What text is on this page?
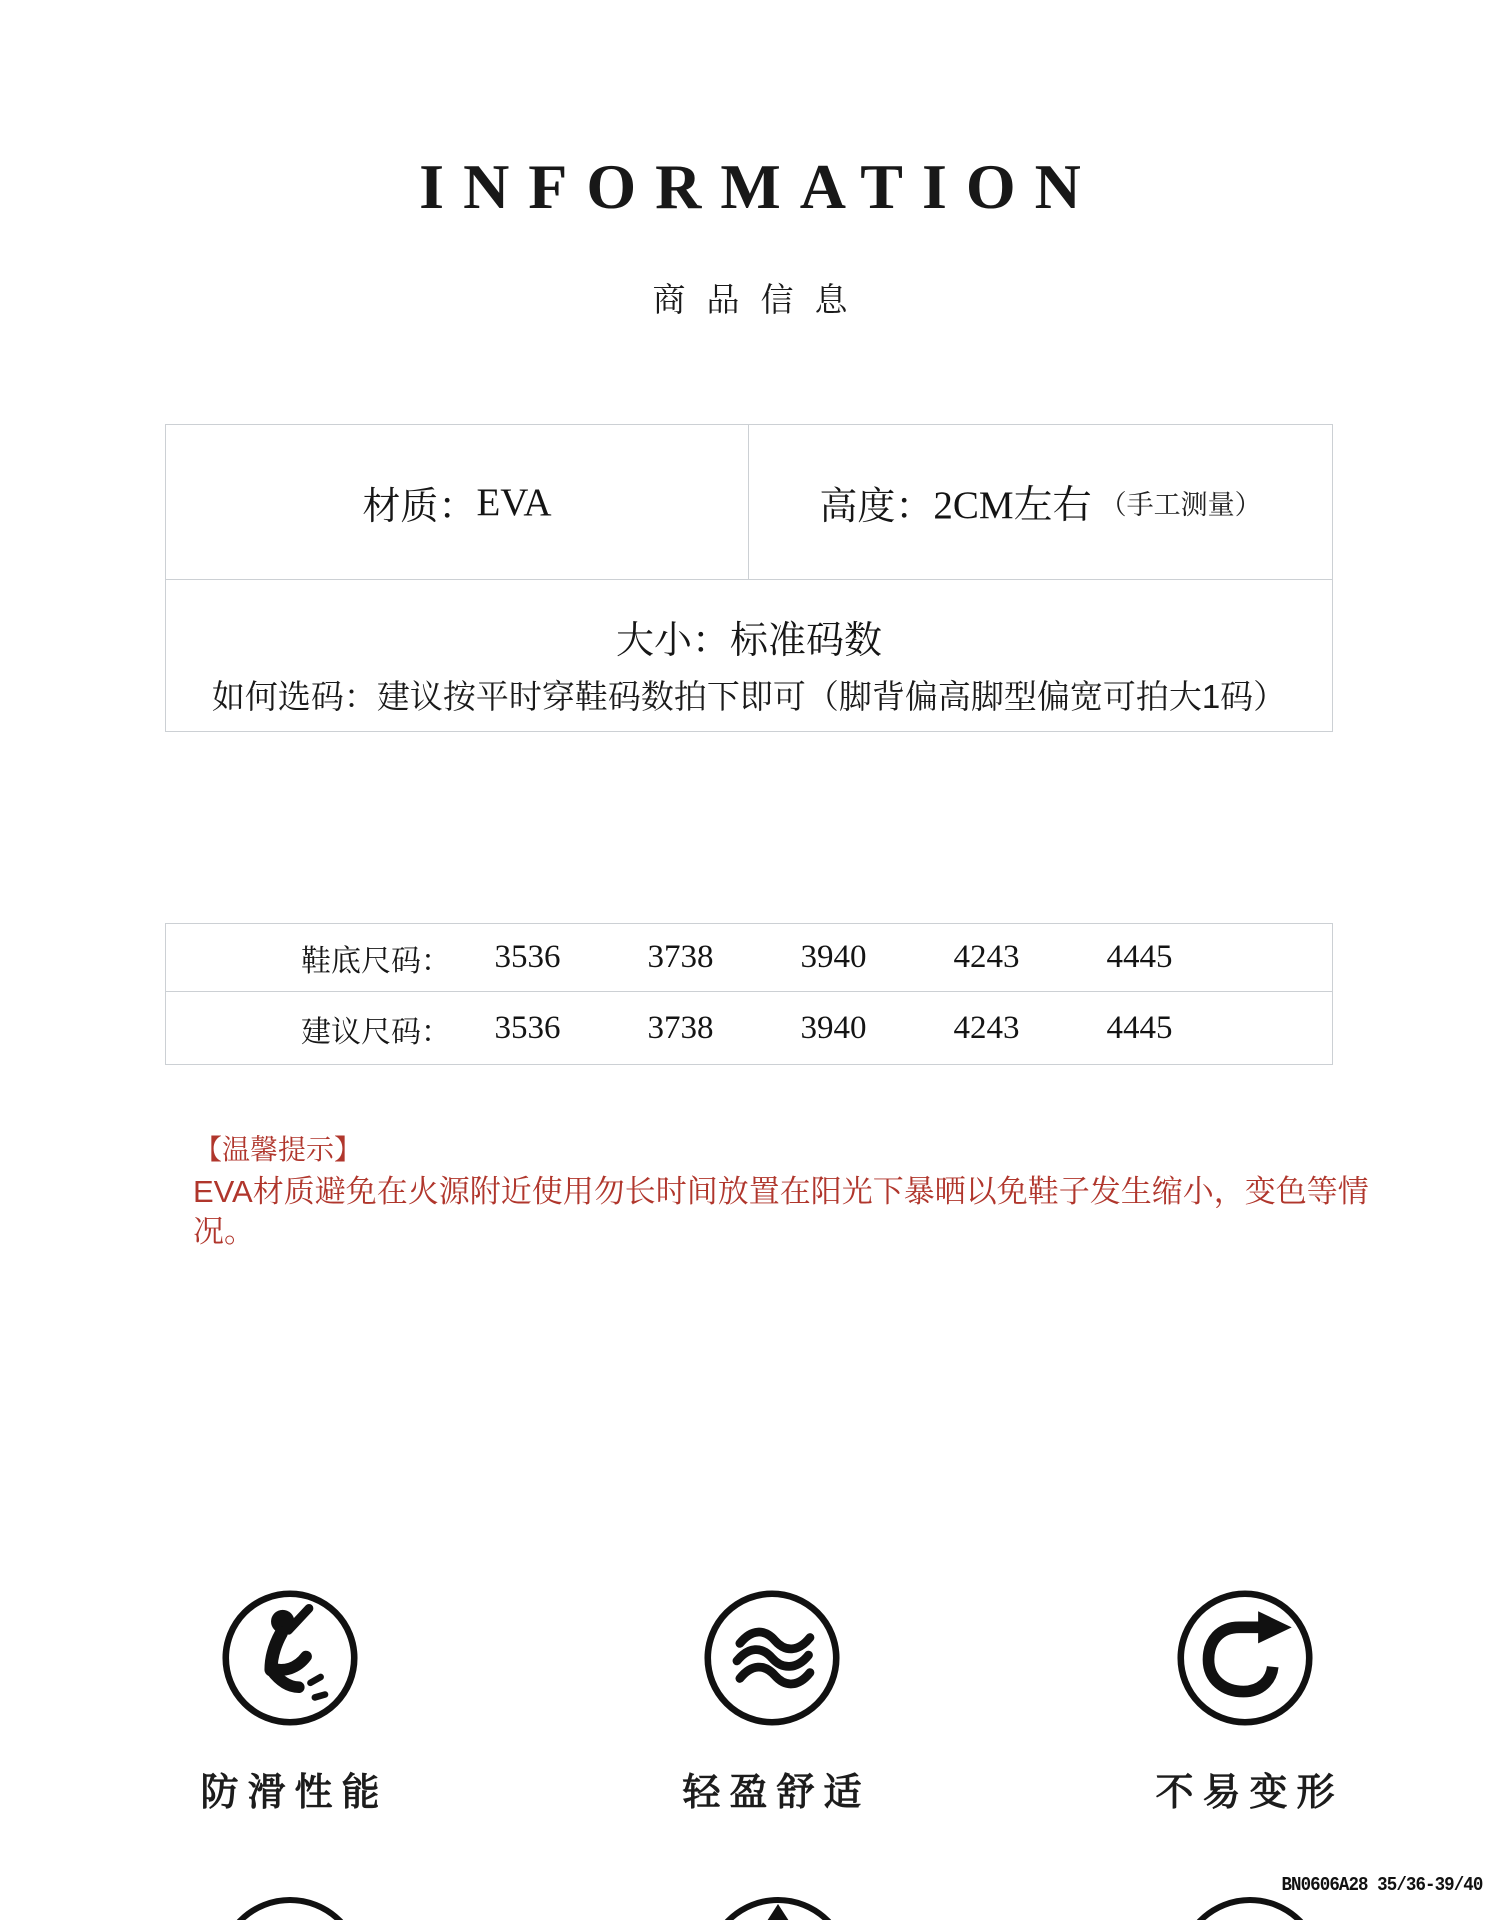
INFORMATION
商品信息
材质： EVA	高度： 2CM左右 （手工测量）
大小：标准码数
如何选码：建议按平时穿鞋码数拍下即可（脚背偏高脚型偏宽可拍大1码）
鞋底尺码：	3536	3738	3940	4243	4445
建议尺码：	3536	3738	3940	4243	4445
【温馨提示】
EVA材质避免在火源附近使用勿长时间放置在阳光下暴晒以免鞋子发生缩小，变色等情况。
防滑性能	轻盈舒适	不易变形
BN0606A28 35/36-39/40
